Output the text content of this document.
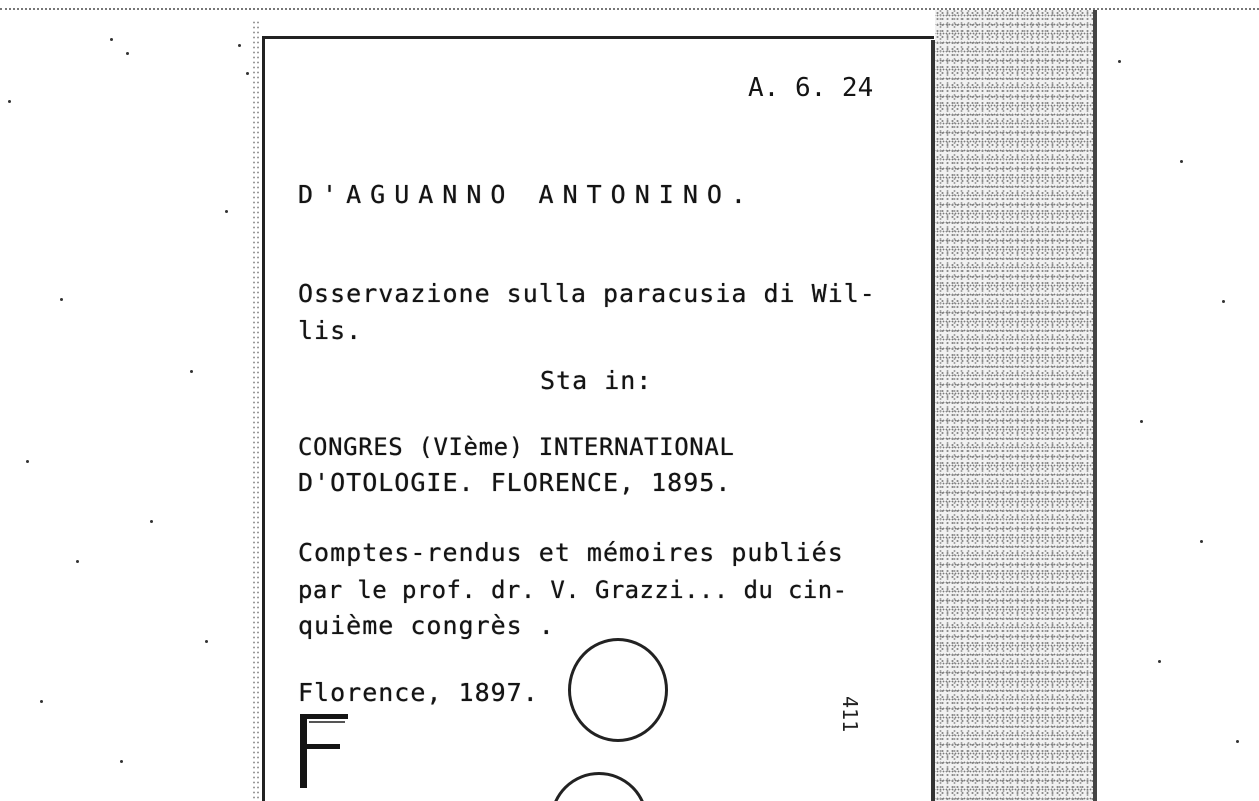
A. 6. 24
D'AGUANNO ANTONINO.
Osservazione sulla paracusia di Wil-
lis.
Sta in:
CONGRES (VIème) INTERNATIONAL
D'OTOLOGIE. FLORENCE, 1895.
Comptes-rendus et mémoires publiés
par le prof. dr. V. Grazzi... du cin-
quième congrès .
Florence, 1897.
411
